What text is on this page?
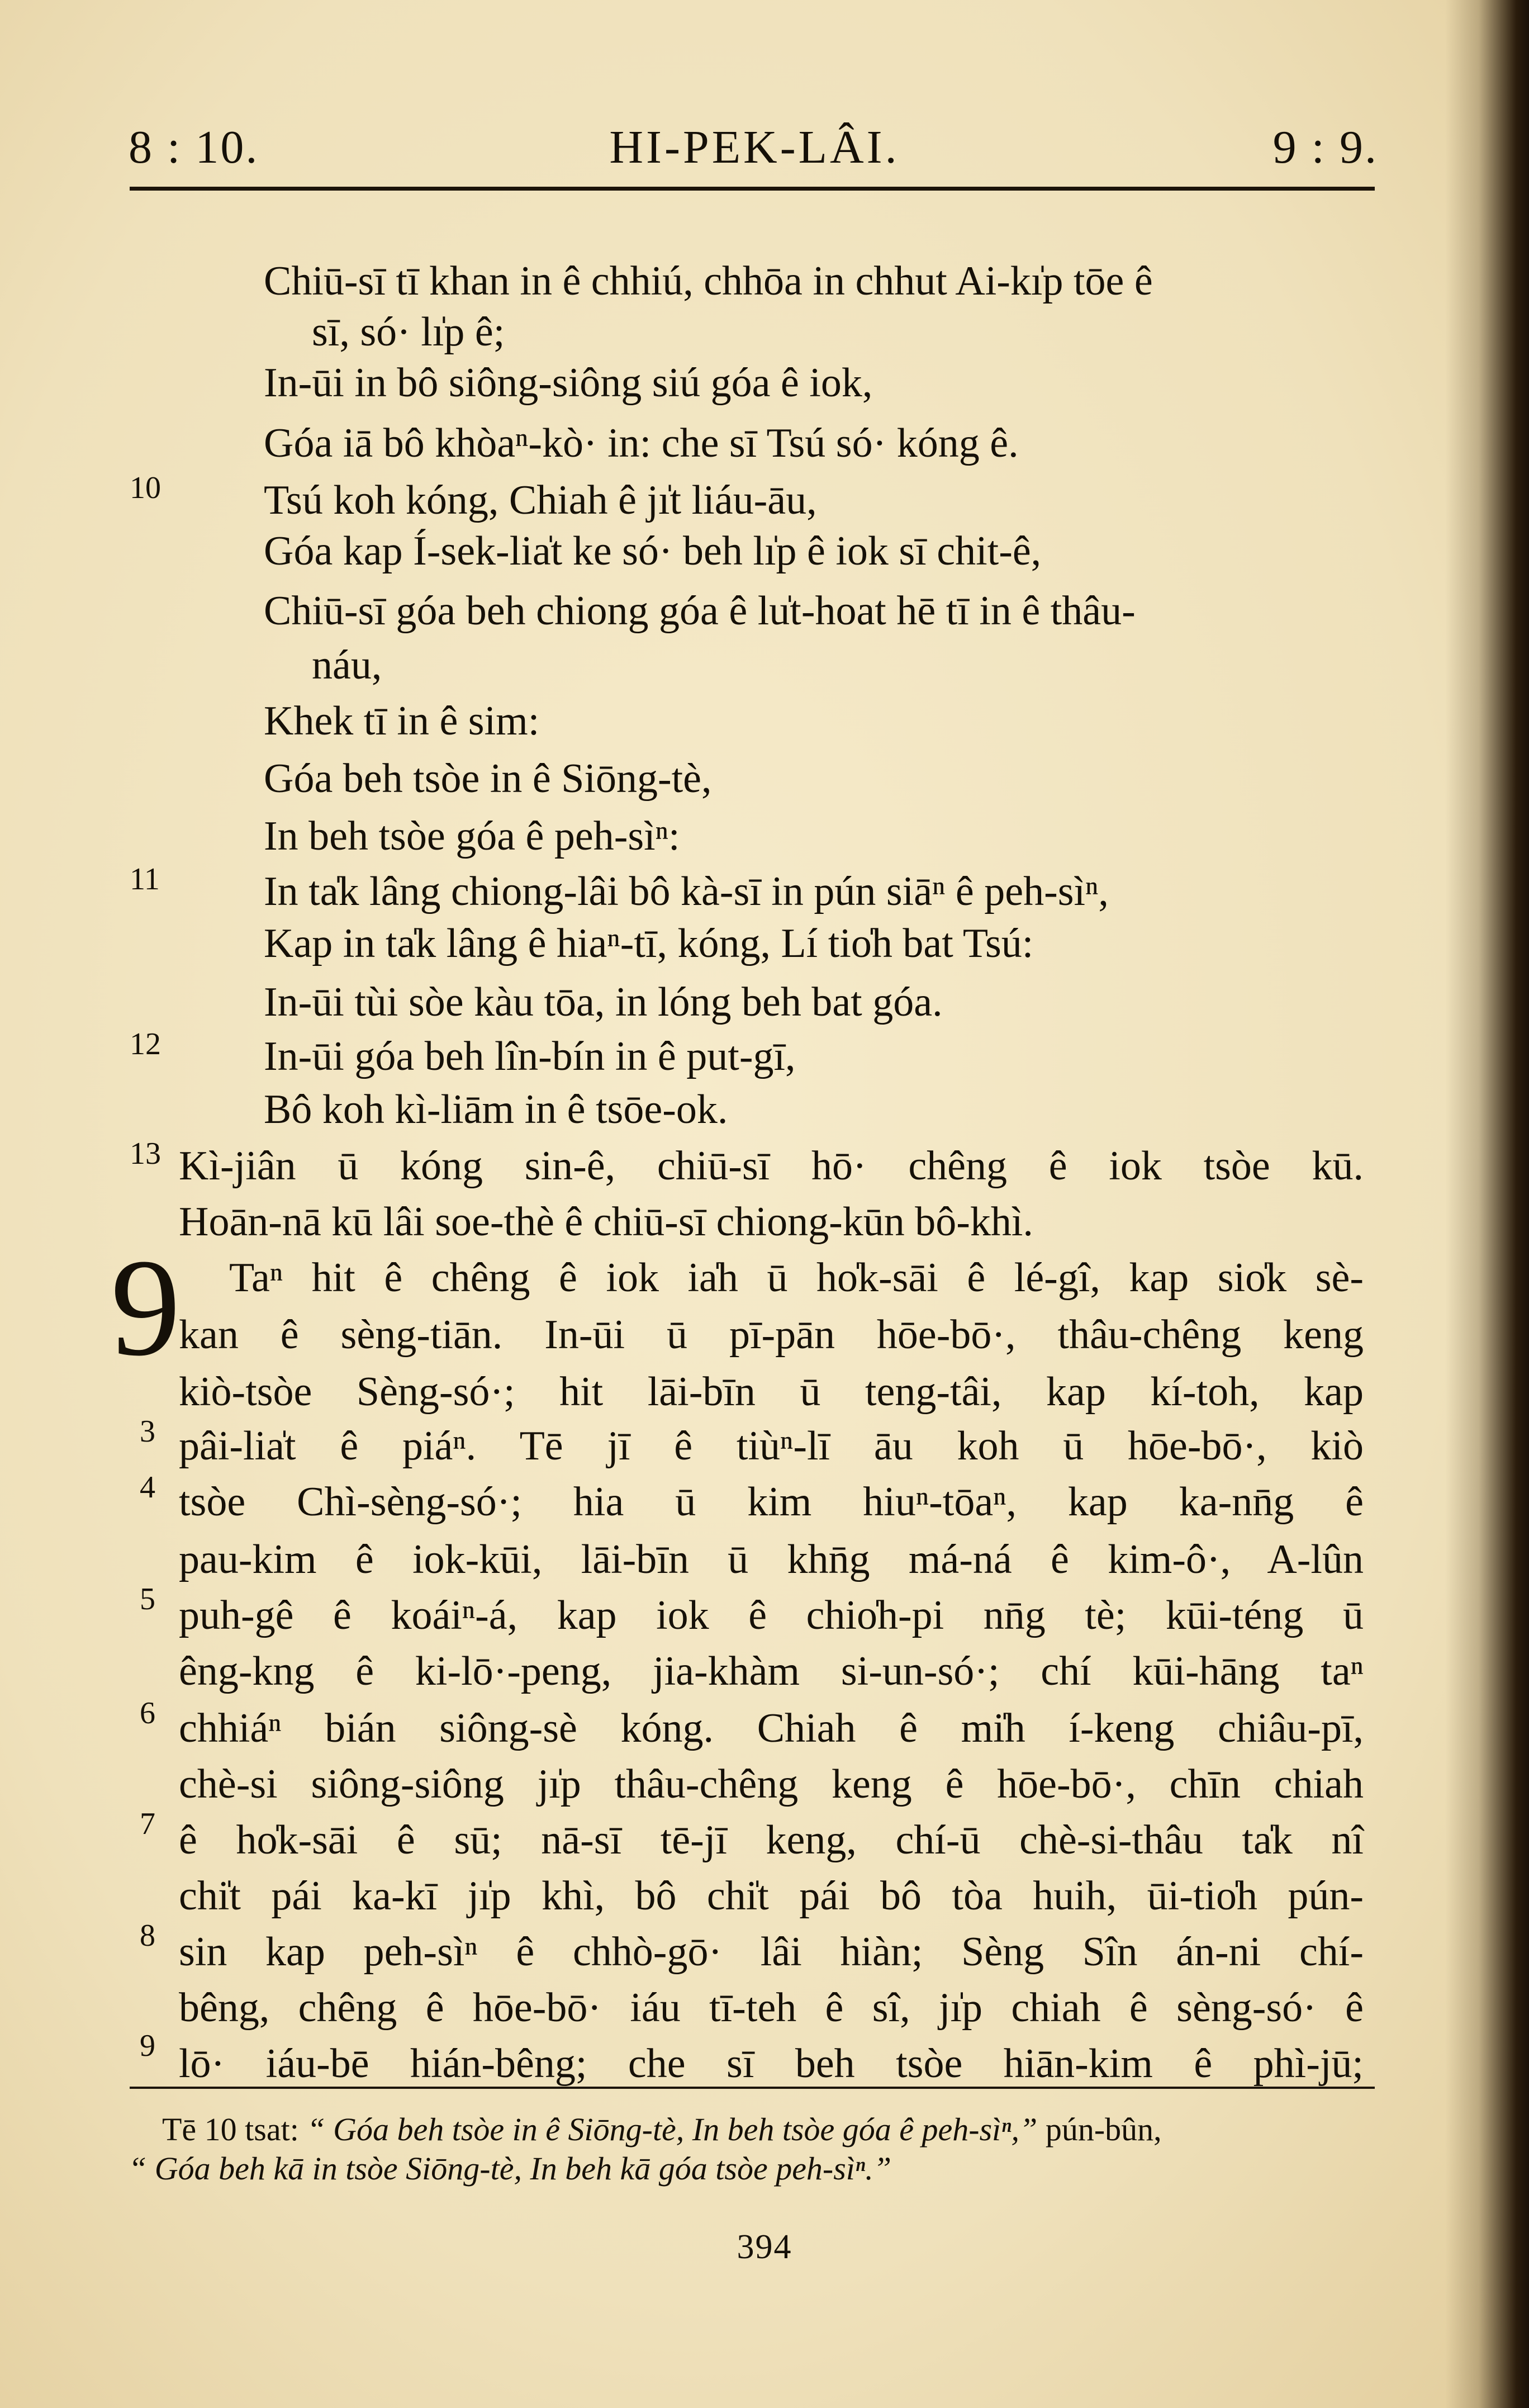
8 : 10.	HI-PEK-LÂI.	9 : 9.
Chiū-sī tī khan in ê chhiú, chhōa in chhut Ai-kı̍p tōe ê
sī, só· lı̍p ê;
In-ūi in bô siông-siông siú góa ê iok,
Góa iā bô khòaⁿ-kò· in: che sī Tsú só· kóng ê.
10 Tsú koh kóng, Chiah ê jı̍t liáu-āu,
Góa kap Í-sek-lia̍t ke só· beh lı̍p ê iok sī chit-ê,
Chiū-sī góa beh chiong góa ê lu̍t-hoat hē tī in ê thâu-
náu,
Khek tī in ê sim:
Góa beh tsòe in ê Siōng-tè,
In beh tsòe góa ê peh-sìⁿ:
11	In ta̍k lâng chiong-lâi bô kà-sī in pún siāⁿ ê peh-sìⁿ,
Kap in ta̍k lâng ê hiaⁿ-tī, kóng, Lí tio̍h bat Tsú:
In-ūi tùi sòe kàu tōa, in lóng beh bat góa.
12 In-ūi góa beh lîn-bín in ê put-gī,
Bô koh kì-liām in ê tsōe-ok.
13 Kì-jiân ū kóng sin-ê, chiū-sī hō· chêng ê iok tsòe kū.
Hoān-nā kū lâi soe-thè ê chiū-sī chiong-kūn bô-khì.
9 Taⁿ hit ê chêng ê iok ia̍h ū ho̍k-sāi ê lé-gî, kap sio̍k sè-
kan ê sèng-tiān. In-ūi ū pī-pān hōe-bō·, thâu-chêng keng
kiò-tsòe Sèng-só·; hit lāi-bīn ū teng-tâi, kap kí-toh, kap
3 pâi-lia̍t ê piáⁿ. Tē jī ê tiùⁿ-lī āu koh ū hōe-bō·, kiò
4 tsòe Chì-sèng-só·; hia ū kim hiuⁿ-tōaⁿ, kap ka-nn̄g ê
pau-kim ê iok-kūi, lāi-bīn ū khn̄g má-ná ê kim-ô·, A-lûn
5 puh-gê ê koáiⁿ-á, kap iok ê chio̍h-pi nn̄g tè; kūi-téng ū
êng-kng ê ki-lō·-peng, jia-khàm si-un-só·; chí kūi-hāng taⁿ
6 chhiáⁿ bián siông-sè kóng. Chiah ê mi̍h í-keng chiâu-pī,
chè-si siông-siông jı̍p thâu-chêng keng ê hōe-bō·, chīn chiah
7 ê ho̍k-sāi ê sū; nā-sī tē-jī keng, chí-ū chè-si-thâu ta̍k nî
chi̍t pái ka-kī jı̍p khì, bô chi̍t pái bô tòa huih, ūi-tio̍h pún-
8 sin kap peh-sìⁿ ê chhò-gō· lâi hiàn; Sèng Sîn án-ni chí-
bêng, chêng ê hōe-bō· iáu tī-teh ê sî, jı̍p chiah ê sèng-só· ê
9 lō· iáu-bē hián-bêng; che sī beh tsòe hiān-kim ê phì-jū;
Tē 10 tsat: “ Góa beh tsòe in ê Siōng-tè, In beh tsòe góa ê peh-sìⁿ,” pún-bûn,
“ Góa beh kā in tsòe Siōng-tè, In beh kā góa tsòe peh-sìⁿ.”
394
